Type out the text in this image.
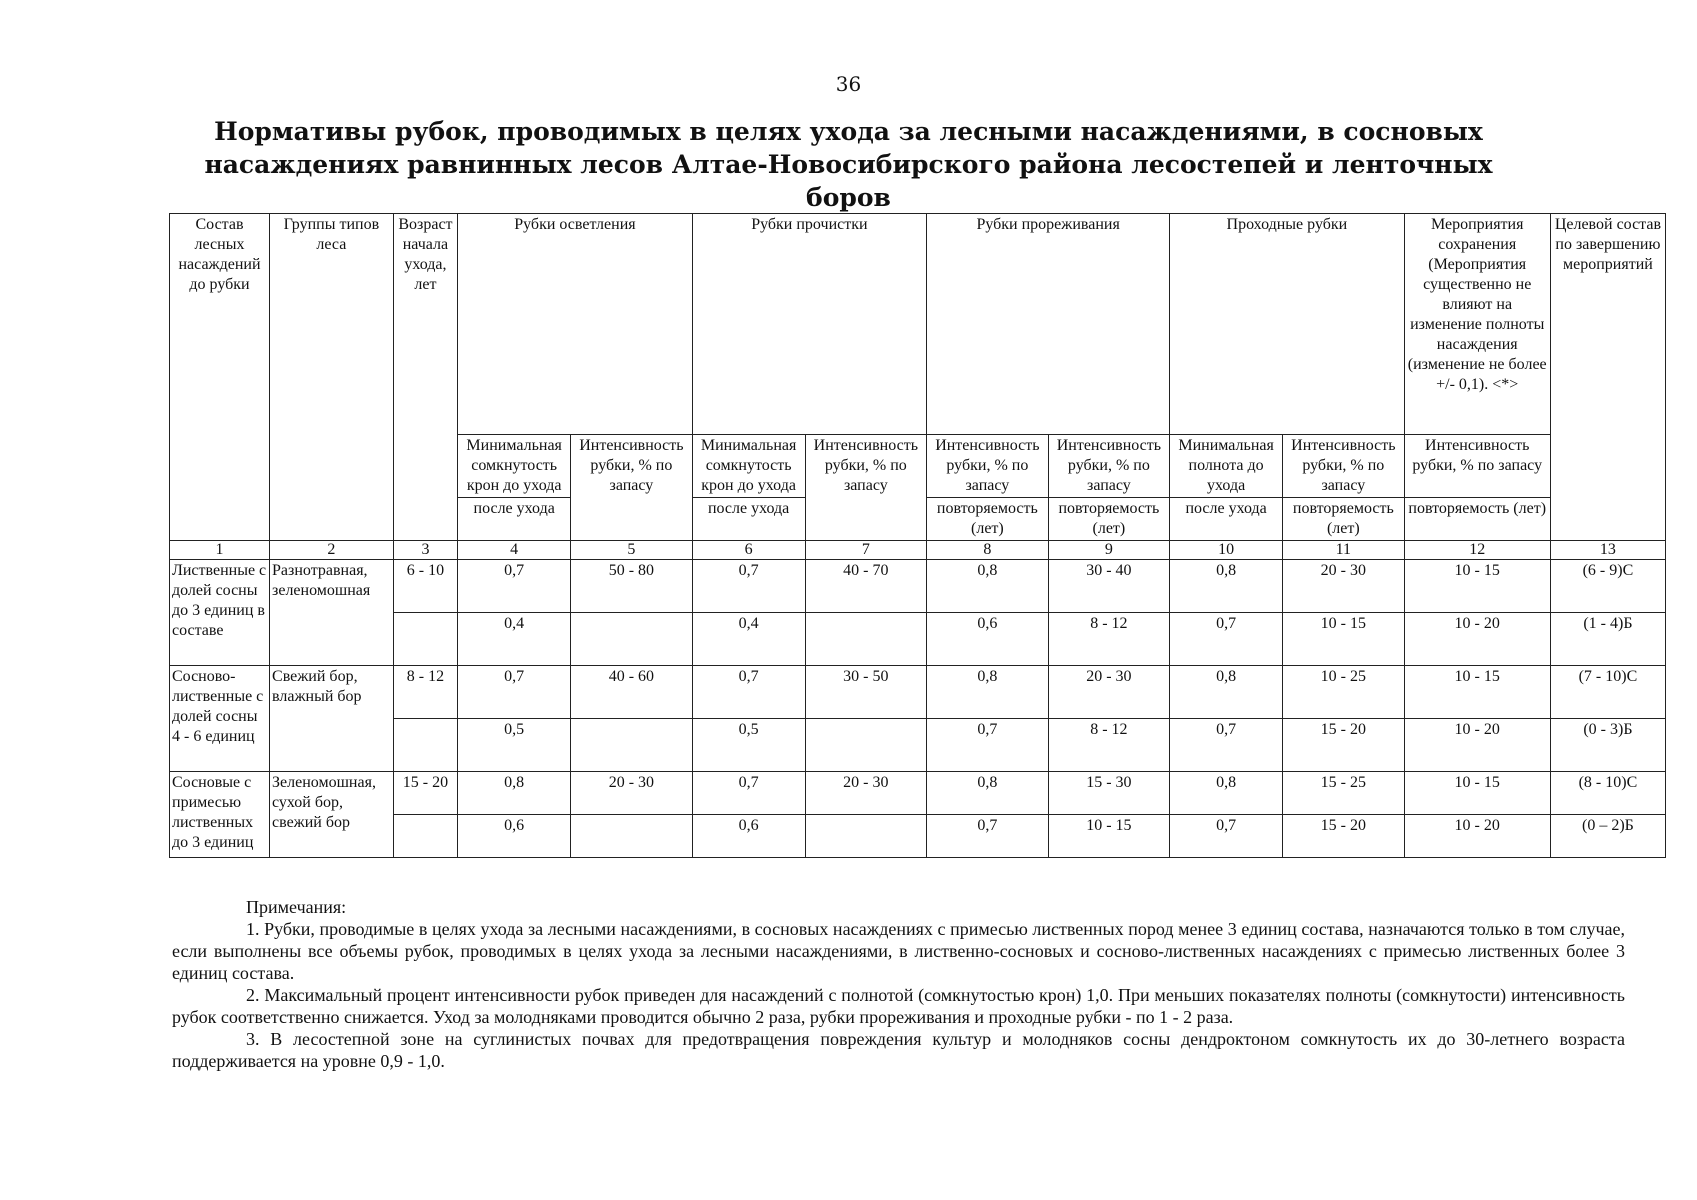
36
Нормативы рубок, проводимых в целях ухода за лесными насаждениями, в сосновых насаждениях равнинных лесов Алтае-Новосибирского района лесостепей и ленточных боров
Состав лесных насаждений до рубки	Группы типов леса	Возраст начала ухода, лет	Рубки осветления		Рубки прочистки		Рубки прореживания		Проходные рубки		Мероприятия сохранения (Мероприятия существенно не влияют на изменение полноты насаждения (изменение не более +/- 0,1). <*>	Целевой состав по завершению мероприятий
			Минимальная сомкнутость крон до ухода	Интенсивность рубки, % по запасу	Минимальная сомкнутость крон до ухода	Интенсивность рубки, % по запасу	Интенсивность рубки, % по запасу	Интенсивность рубки, % по запасу	Минимальная полнота до ухода	Интенсивность рубки, % по запасу	Интенсивность рубки, % по запасу	
			после ухода		после ухода		повторяемость (лет)	повторяемость (лет)	после ухода	повторяемость (лет)	повторяемость (лет)	
1	2	3	4	5	6	7	8	9	10	11	12	13
Лиственные с долей сосны до 3 единиц в составе	Разнотравная, зеленомошная	6 - 10	0,7	50 - 80	0,7	40 - 70	0,8	30 - 40	0,8	20 - 30	10 - 15	(6 - 9)С
			0,4		0,4		0,6	8 - 12	0,7	10 - 15	10 - 20	(1 - 4)Б
Сосново-лиственные с долей сосны 4 - 6 единиц	Свежий бор, влажный бор	8 - 12	0,7	40 - 60	0,7	30 - 50	0,8	20 - 30	0,8	10 - 25	10 - 15	(7 - 10)С
			0,5		0,5		0,7	8 - 12	0,7	15 - 20	10 - 20	(0 - 3)Б
Сосновые с примесью лиственных до 3 единиц	Зеленомошная, сухой бор, свежий бор	15 - 20	0,8	20 - 30	0,7	20 - 30	0,8	15 - 30	0,8	15 - 25	10 - 15	(8 - 10)С
			0,6		0,6		0,7	10 - 15	0,7	15 - 20	10 - 20	(0 – 2)Б

Примечания:

1. Рубки, проводимые в целях ухода за лесными насаждениями, в сосновых насаждениях с примесью лиственных пород менее 3 единиц состава, назначаются только в том случае, если выполнены все объемы рубок, проводимых в целях ухода за лесными насаждениями, в лиственно-сосновых и сосново-лиственных насаждениях с примесью лиственных более 3 единиц состава.

2. Максимальный процент интенсивности рубок приведен для насаждений с полнотой (сомкнутостью крон) 1,0. При меньших показателях полноты (сомкнутости) интенсивность рубок соответственно снижается. Уход за молодняками проводится обычно 2 раза, рубки прореживания и проходные рубки - по 1 - 2 раза.

3. В лесостепной зоне на суглинистых почвах для предотвращения повреждения культур и молодняков сосны дендроктоном сомкнутость их до 30-летнего возраста поддерживается на уровне 0,9 - 1,0.
